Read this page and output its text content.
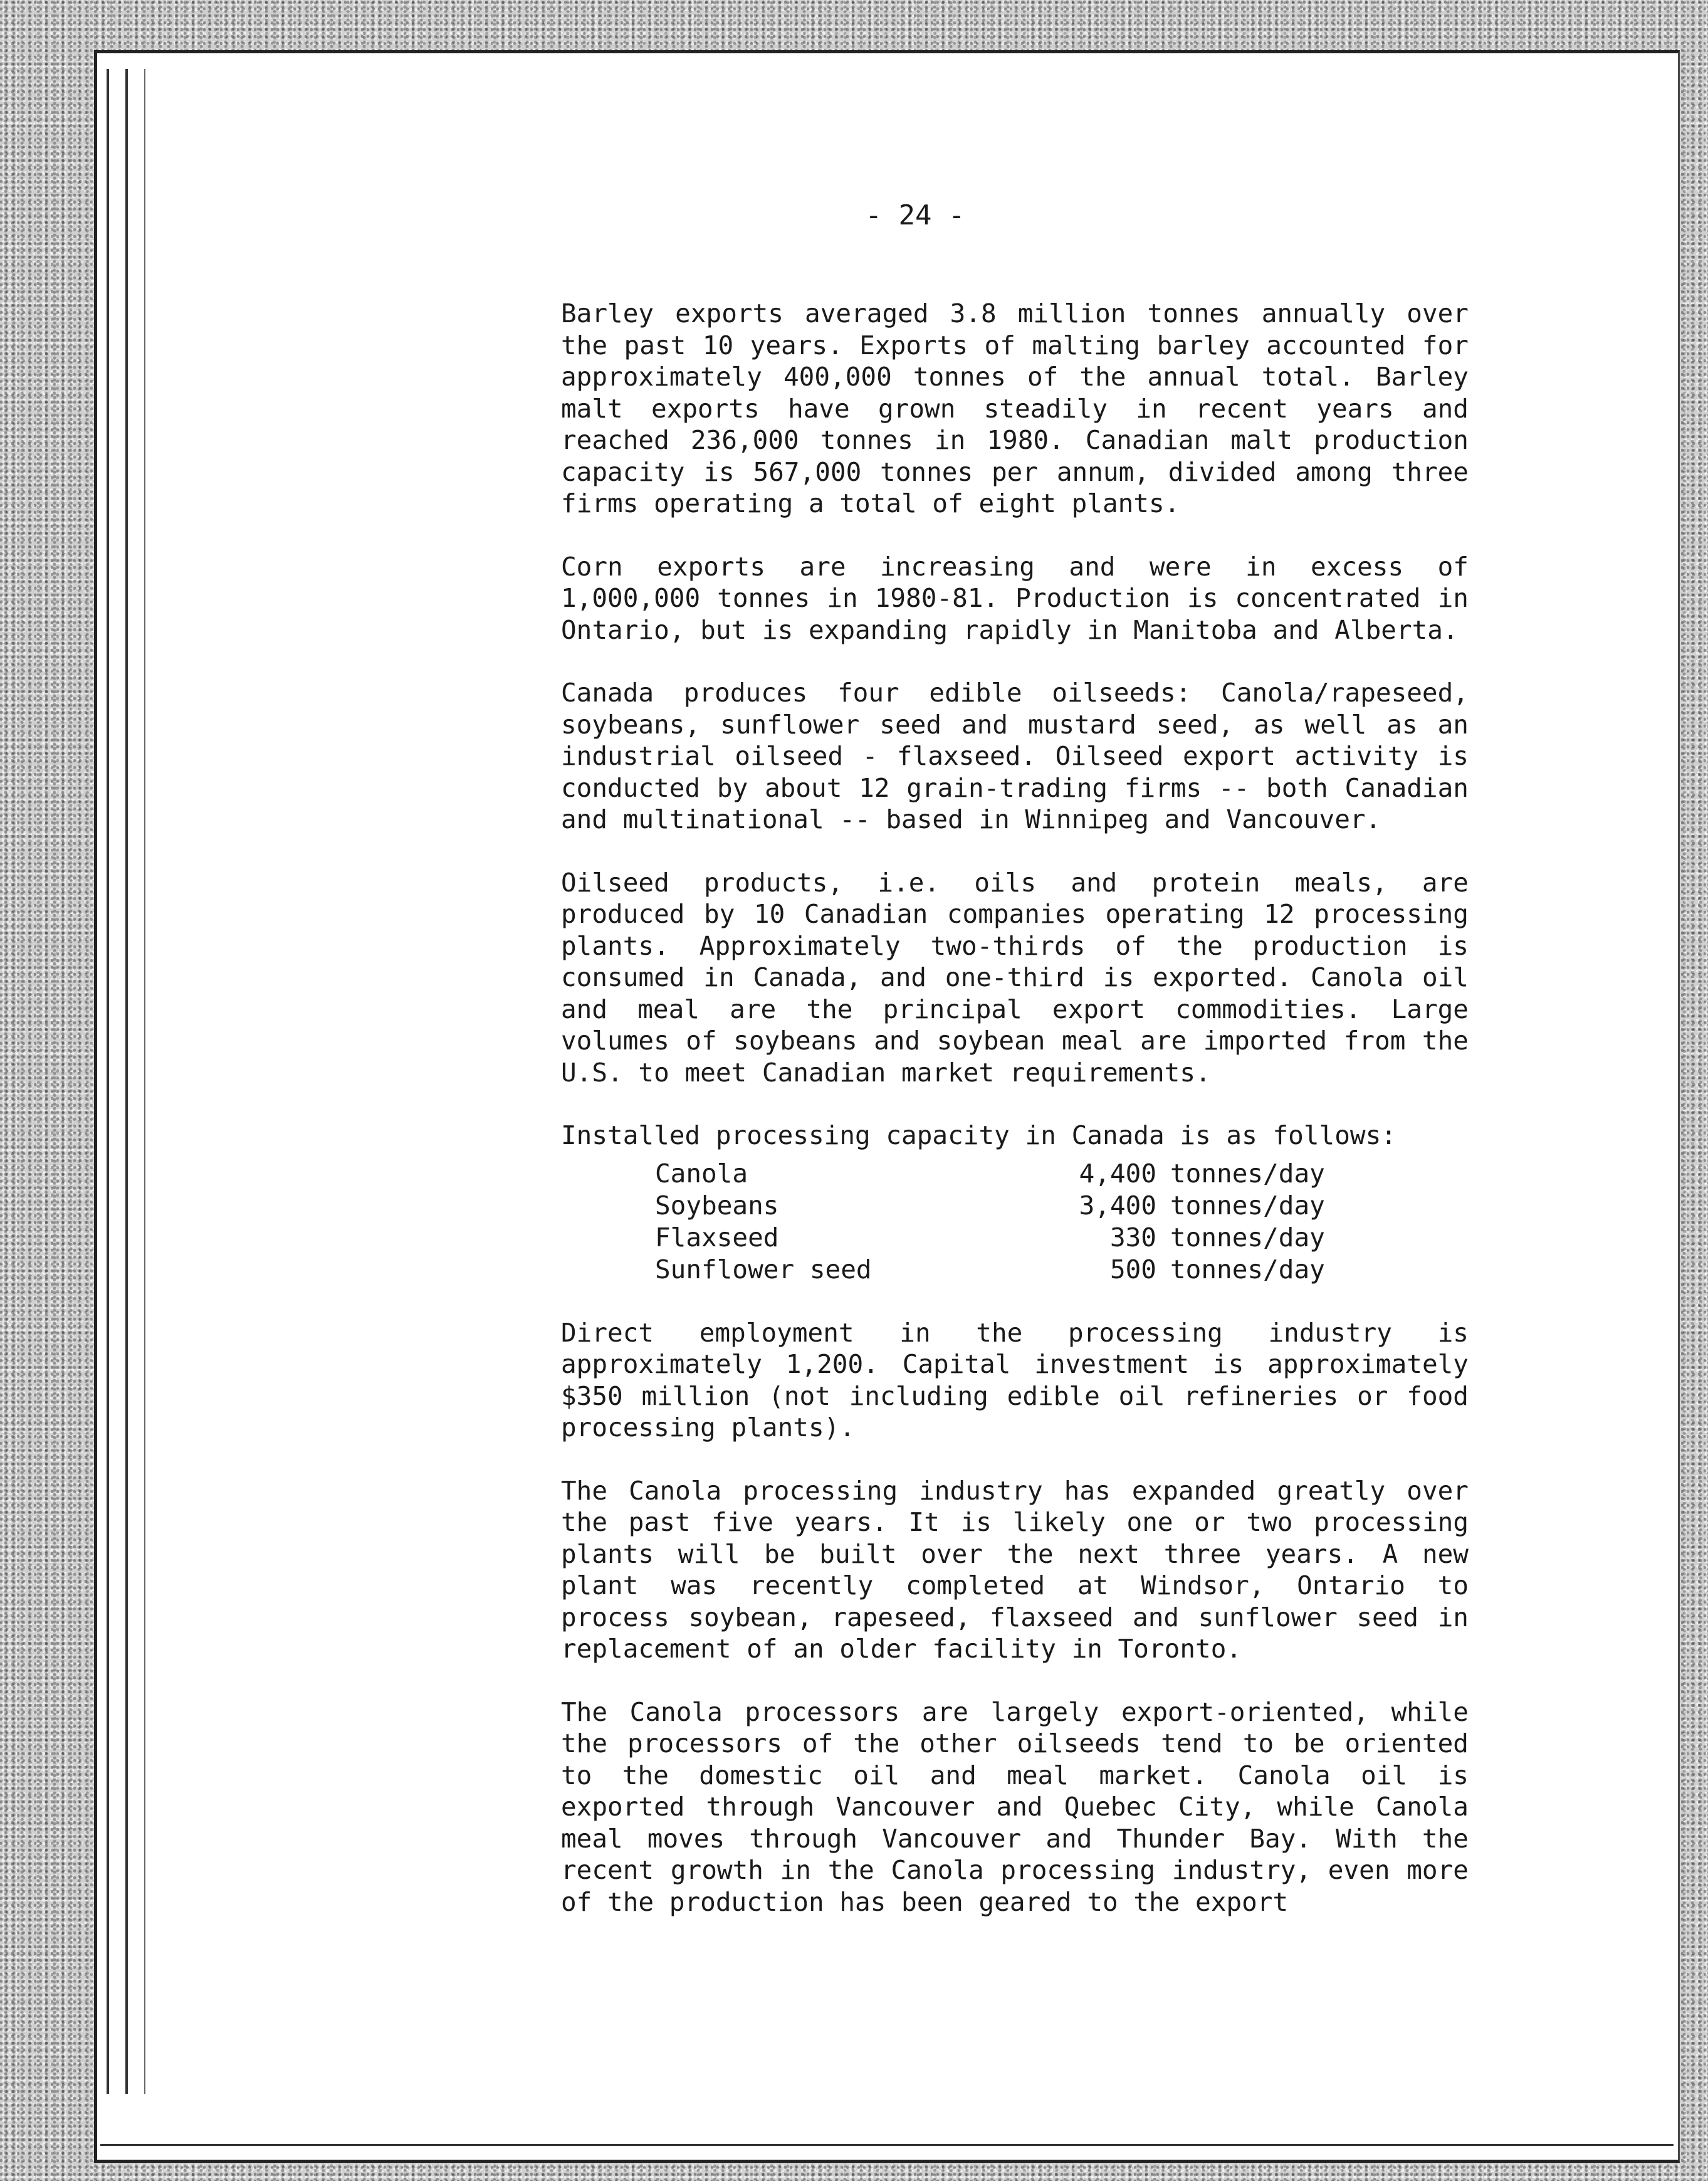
- 24 -

Barley exports averaged 3.8 million tonnes annually over the past 10 years. Exports of malting barley accounted for approximately 400,000 tonnes of the annual total. Barley malt exports have grown steadily in recent years and reached 236,000 tonnes in 1980. Canadian malt production capacity is 567,000 tonnes per annum, divided among three firms operating a total of eight plants.

Corn exports are increasing and were in excess of 1,000,000 tonnes in 1980-81. Production is concentrated in Ontario, but is expanding rapidly in Manitoba and Alberta.

Canada produces four edible oilseeds: Canola/rapeseed, soybeans, sunflower seed and mustard seed, as well as an industrial oilseed - flaxseed. Oilseed export activity is conducted by about 12 grain-trading firms -- both Canadian and multinational -- based in Winnipeg and Vancouver.

Oilseed products, i.e. oils and protein meals, are produced by 10 Canadian companies operating 12 processing plants. Approximately two-thirds of the production is consumed in Canada, and one-third is exported. Canola oil and meal are the principal export commodities. Large volumes of soybeans and soybean meal are imported from the U.S. to meet Canadian market requirements.

Installed processing capacity in Canada is as follows:

Canola	4,400	tonnes/day
Soybeans	3,400	tonnes/day
Flaxseed	330	tonnes/day
Sunflower seed	500	tonnes/day

Direct employment in the processing industry is approximately 1,200. Capital investment is approximately $350 million (not including edible oil refineries or food processing plants).

The Canola processing industry has expanded greatly over the past five years. It is likely one or two processing plants will be built over the next three years. A new plant was recently completed at Windsor, Ontario to process soybean, rapeseed, flaxseed and sunflower seed in replacement of an older facility in Toronto.

The Canola processors are largely export-oriented, while the processors of the other oilseeds tend to be oriented to the domestic oil and meal market. Canola oil is exported through Vancouver and Quebec City, while Canola meal moves through Vancouver and Thunder Bay. With the recent growth in the Canola processing industry, even more of the production has been geared to the export
